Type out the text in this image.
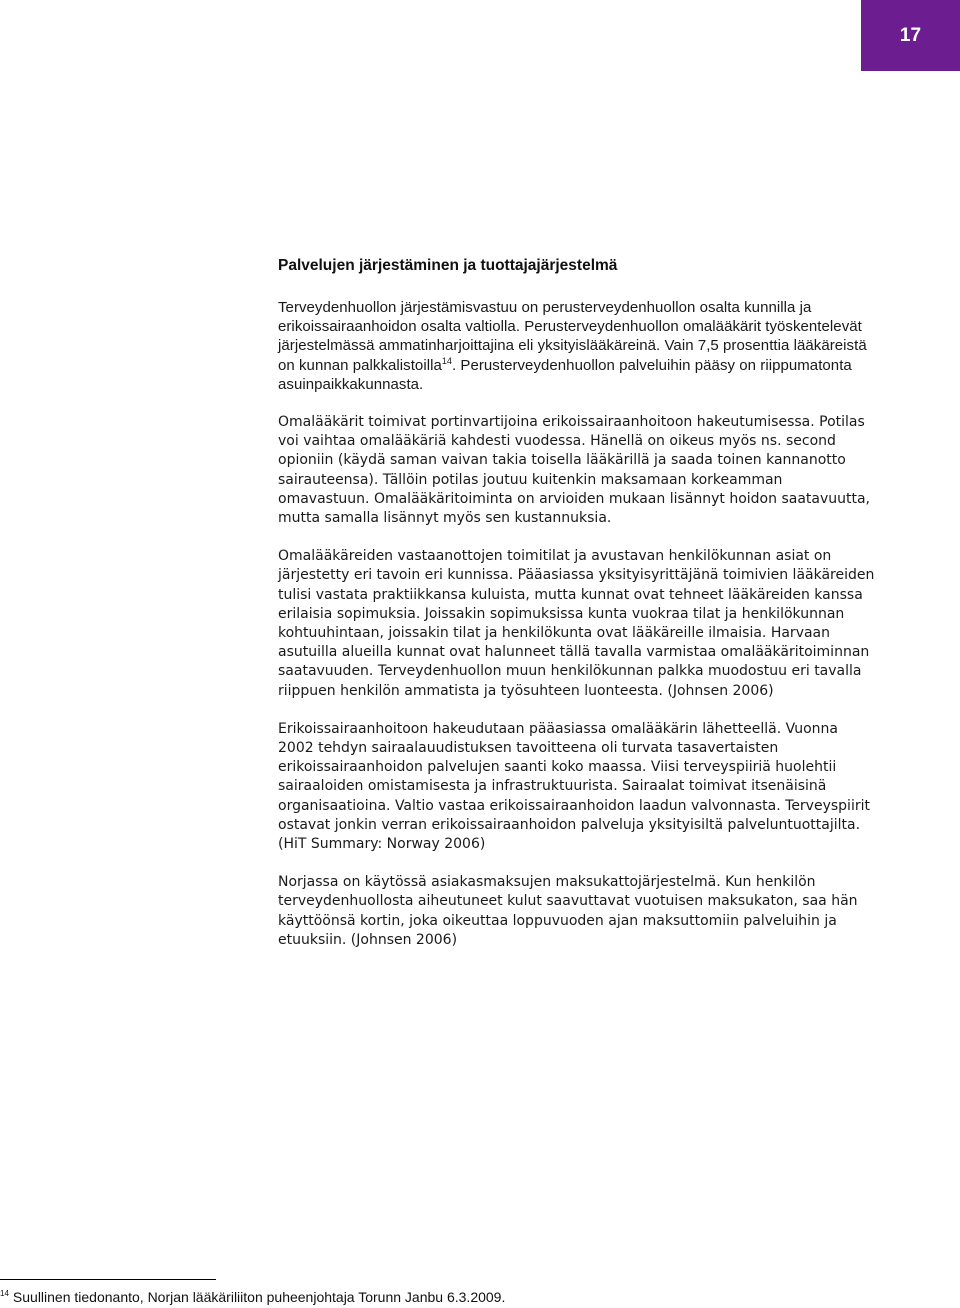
17
Palvelujen järjestäminen ja tuottajajärjestelmä

Terveydenhuollon järjestämisvastuu on perusterveydenhuollon osalta kunnilla ja erikoissairaanhoidon osalta valtiolla. Perusterveydenhuollon omalääkärit työskentelevät järjestelmässä ammatinharjoittajina eli yksityislääkäreinä. Vain 7,5 prosenttia lääkäreistä on kunnan palkkalistoilla$^{14}$. Perusterveydenhuollon palveluihin pääsy on riippumatonta asuinpaikkakunnasta.

Omalääkärit toimivat portinvartijoina erikoissairaanhoitoon hakeutumisessa. Potilas voi vaihtaa omalääkäriä kahdesti vuodessa. Hänellä on oikeus myös ns. second opioniin (käydä saman vaivan takia toisella lääkärillä ja saada toinen kannanotto sairauteensa). Tällöin potilas joutuu kuitenkin maksamaan korkeamman omavastuun. Omalääkäritoiminta on arvioiden mukaan lisännyt hoidon saatavuutta, mutta samalla lisännyt myös sen kustannuksia.

Omalääkäreiden vastaanottojen toimitilat ja avustavan henkilökunnan asiat on järjestetty eri tavoin eri kunnissa. Pääasiassa yksityisyrittäjänä toimivien lääkäreiden tulisi vastata praktiikkansa kuluista, mutta kunnat ovat tehneet lääkäreiden kanssa erilaisia sopimuksia. Joissakin sopimuksissa kunta vuokraa tilat ja henkilökunnan kohtuuhintaan, joissakin tilat ja henkilökunta ovat lääkäreille ilmaisia. Harvaan asutuilla alueilla kunnat ovat halunneet tällä tavalla varmistaa omalääkäritoiminnan saatavuuden. Terveydenhuollon muun henkilökunnan palkka muodostuu eri tavalla riippuen henkilön ammatista ja työsuhteen luonteesta. (Johnsen 2006)

Erikoissairaanhoitoon hakeudutaan pääasiassa omalääkärin lähetteellä. Vuonna 2002 tehdyn sairaalauudistuksen tavoitteena oli turvata tasavertaisten erikoissairaanhoidon palvelujen saanti koko maassa. Viisi terveyspiiriä huolehtii sairaaloiden omistamisesta ja infrastruktuurista. Sairaalat toimivat itsenäisinä organisaatioina. Valtio vastaa erikoissairaanhoidon laadun valvonnasta. Terveyspiirit ostavat jonkin verran erikoissairaanhoidon palveluja yksityisiltä palveluntuottajilta. (HiT Summary: Norway 2006)

Norjassa on käytössä asiakasmaksujen maksukattojärjestelmä. Kun henkilön terveydenhuollosta aiheutuneet kulut saavuttavat vuotuisen maksukaton, saa hän käyttöönsä kortin, joka oikeuttaa loppuvuoden ajan maksuttomiin palveluihin ja etuuksiin. (Johnsen 2006)

$^{14}$ Suullinen tiedonanto, Norjan lääkäriliiton puheenjohtaja Torunn Janbu 6.3.2009.
